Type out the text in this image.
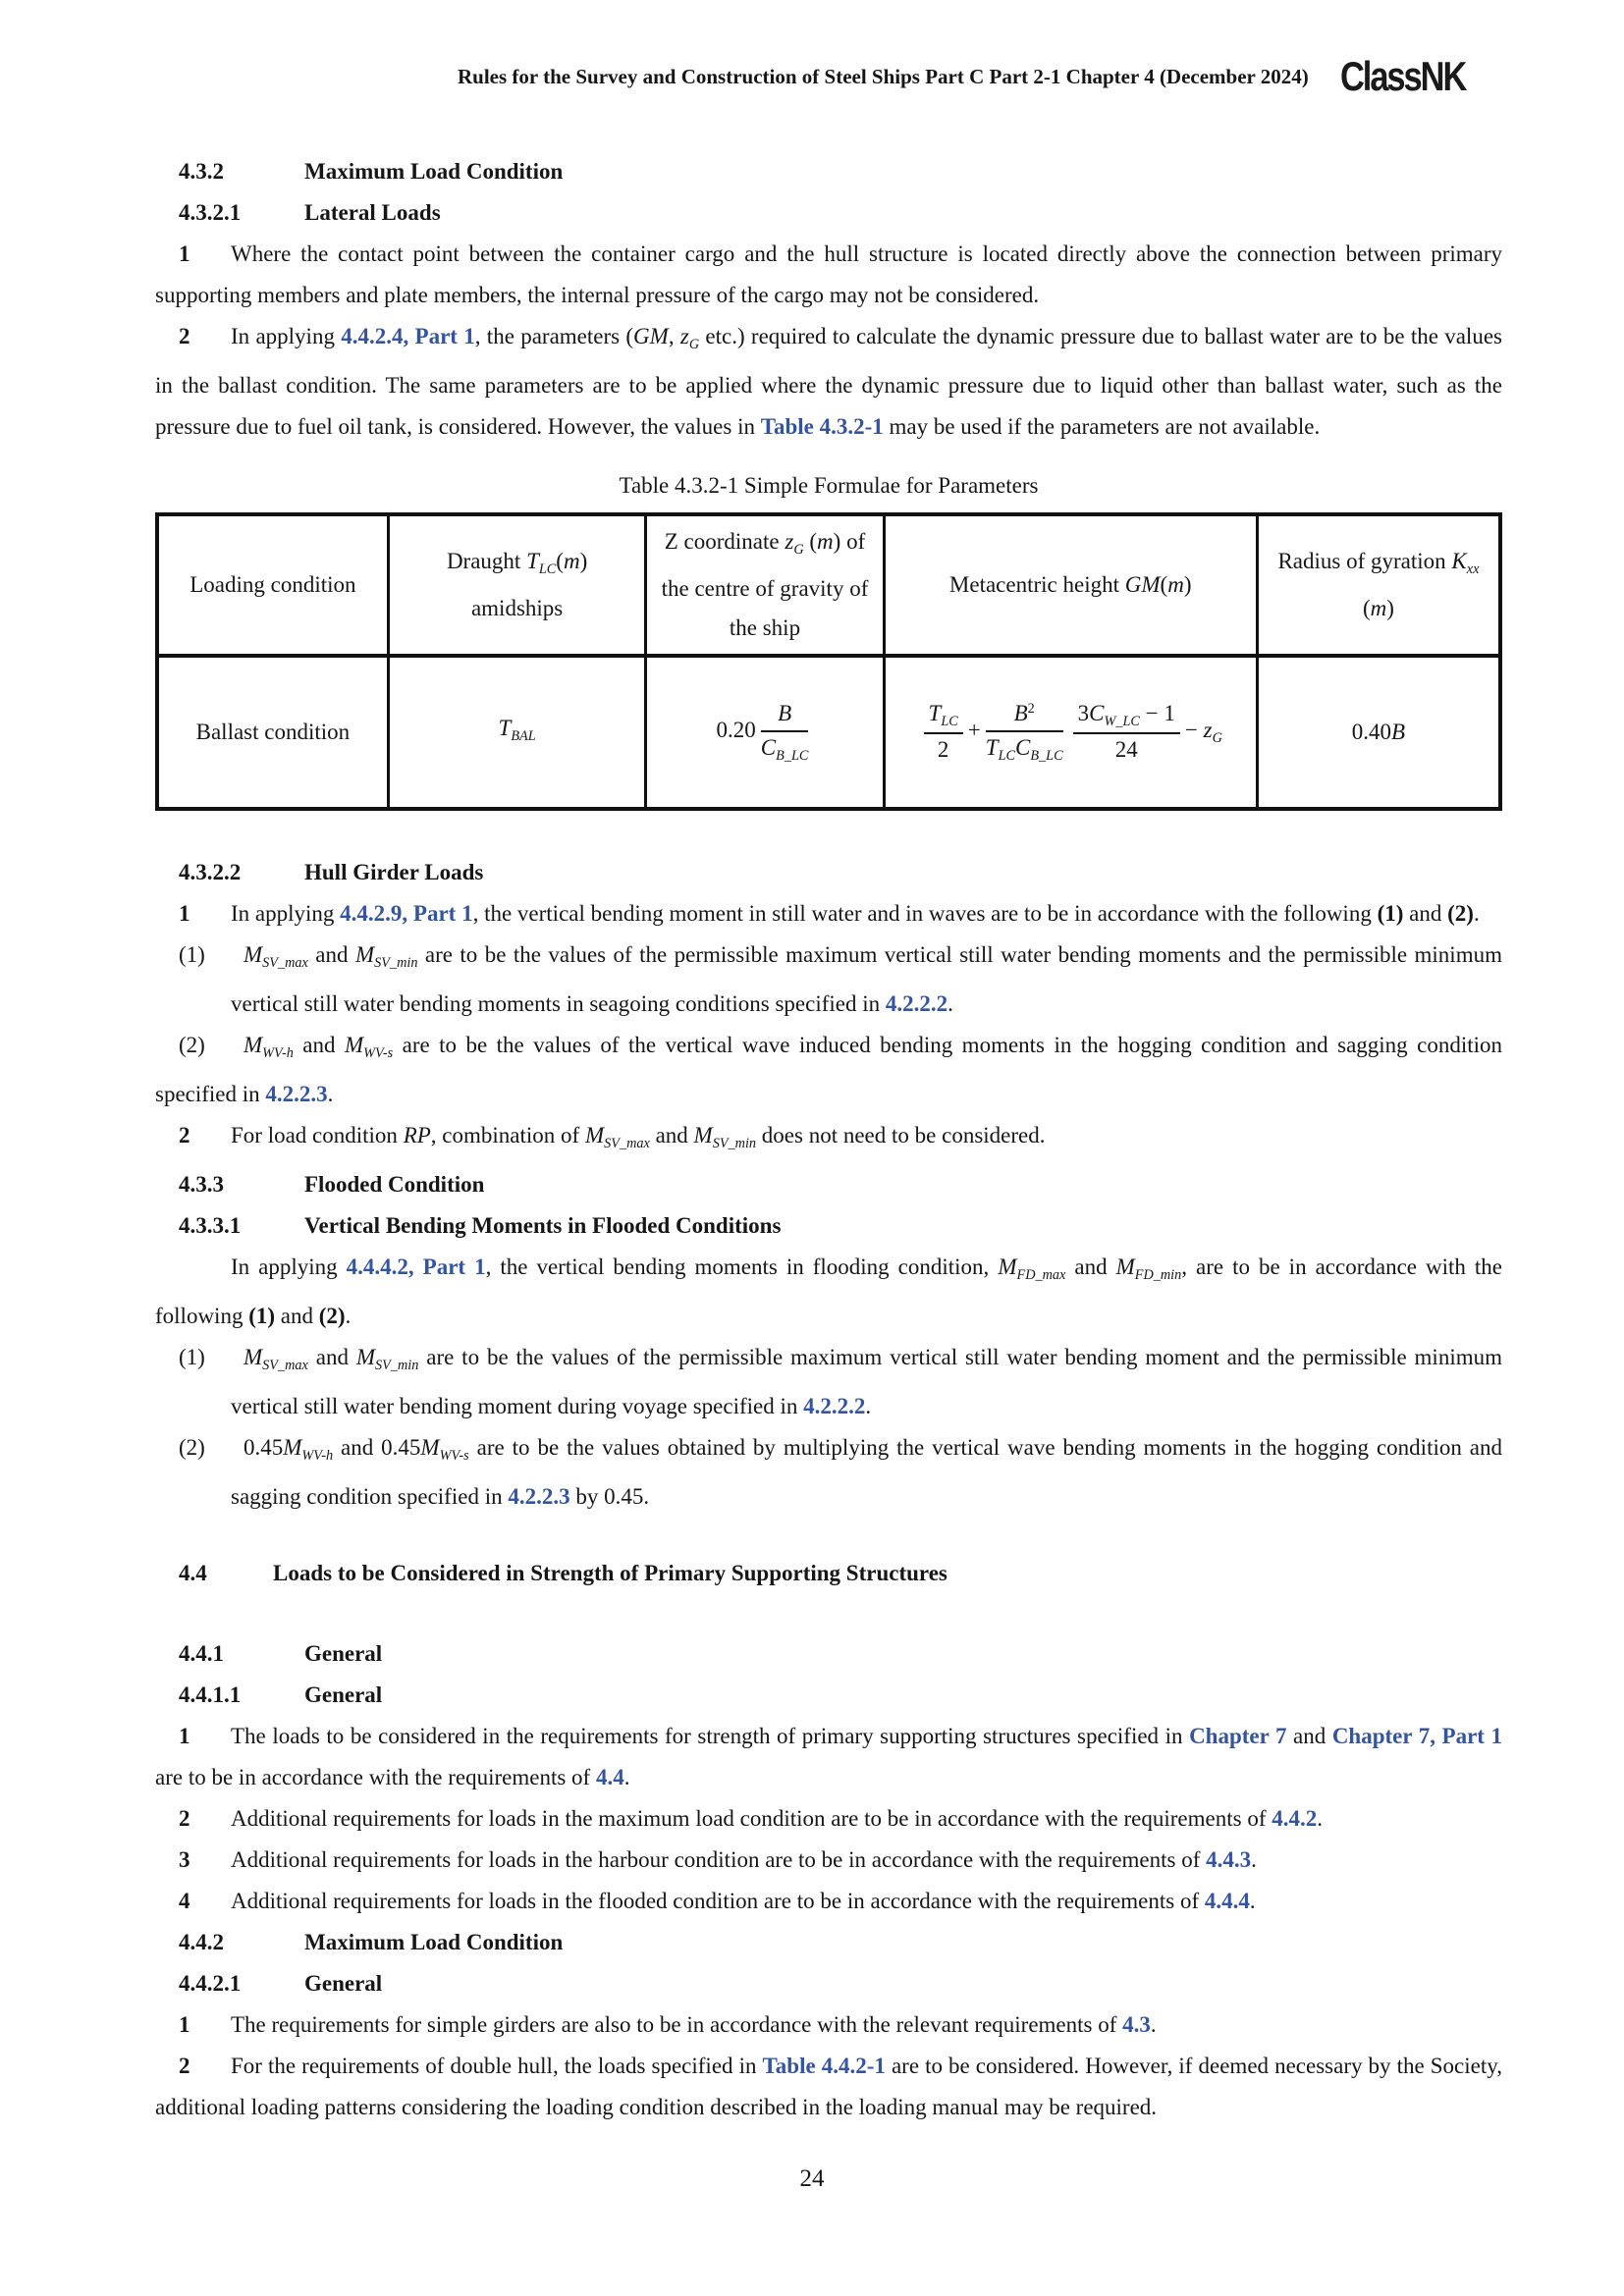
Rules for the Survey and Construction of Steel Ships Part C Part 2-1 Chapter 4 (December 2024) ClassNK
4.3.2	Maximum Load Condition
4.3.2.1	Lateral Loads
1 Where the contact point between the container cargo and the hull structure is located directly above the connection between primary supporting members and plate members, the internal pressure of the cargo may not be considered.
2 In applying 4.4.2.4, Part 1, the parameters (GM, $z_G$ etc.) required to calculate the dynamic pressure due to ballast water are to be the values in the ballast condition. The same parameters are to be applied where the dynamic pressure due to liquid other than ballast water, such as the pressure due to fuel oil tank, is considered. However, the values in Table 4.3.2-1 may be used if the parameters are not available.
Table 4.3.2-1 Simple Formulae for Parameters
Loading condition	Draught $T_{LC}(m)$ amidships	Z coordinate $z_G$ (m) of the centre of gravity of the ship	Metacentric height GM(m)	Radius of gyration $K_{xx}$ (m)
Ballast condition	$T_{BAL}$	$0.20 \frac{B}{C_{B\_LC}}$	$\frac{T_{LC}}{2} + \frac{B^2}{T_{LC}C_{B\_LC}} \frac{3C_{W\_LC} - 1}{24} - z_G$	0.40B
4.3.2.2	Hull Girder Loads
1 In applying 4.4.2.9, Part 1, the vertical bending moment in still water and in waves are to be in accordance with the following (1) and (2).
(1) $M_{SV\_max}$ and $M_{SV\_min}$ are to be the values of the permissible maximum vertical still water bending moments and the permissible minimum vertical still water bending moments in seagoing conditions specified in 4.2.2.2.
(2) $M_{WV-h}$ and $M_{WV-s}$ are to be the values of the vertical wave induced bending moments in the hogging condition and sagging condition specified in 4.2.2.3.
2 For load condition RP, combination of $M_{SV\_max}$ and $M_{SV\_min}$ does not need to be considered.
4.3.3	Flooded Condition
4.3.3.1	Vertical Bending Moments in Flooded Conditions
In applying 4.4.4.2, Part 1, the vertical bending moments in flooding condition, $M_{FD\_max}$ and $M_{FD\_min}$, are to be in accordance with the following (1) and (2).
(1) $M_{SV\_max}$ and $M_{SV\_min}$ are to be the values of the permissible maximum vertical still water bending moment and the permissible minimum vertical still water bending moment during voyage specified in 4.2.2.2.
(2) $0.45M_{WV-h}$ and $0.45M_{WV-s}$ are to be the values obtained by multiplying the vertical wave bending moments in the hogging condition and sagging condition specified in 4.2.2.3 by 0.45.
4.4	Loads to be Considered in Strength of Primary Supporting Structures
4.4.1	General
4.4.1.1	General
1 The loads to be considered in the requirements for strength of primary supporting structures specified in Chapter 7 and Chapter 7, Part 1 are to be in accordance with the requirements of 4.4.
2 Additional requirements for loads in the maximum load condition are to be in accordance with the requirements of 4.4.2.
3 Additional requirements for loads in the harbour condition are to be in accordance with the requirements of 4.4.3.
4 Additional requirements for loads in the flooded condition are to be in accordance with the requirements of 4.4.4.
4.4.2	Maximum Load Condition
4.4.2.1	General
1 The requirements for simple girders are also to be in accordance with the relevant requirements of 4.3.
2 For the requirements of double hull, the loads specified in Table 4.4.2-1 are to be considered. However, if deemed necessary by the Society, additional loading patterns considering the loading condition described in the loading manual may be required.
24
